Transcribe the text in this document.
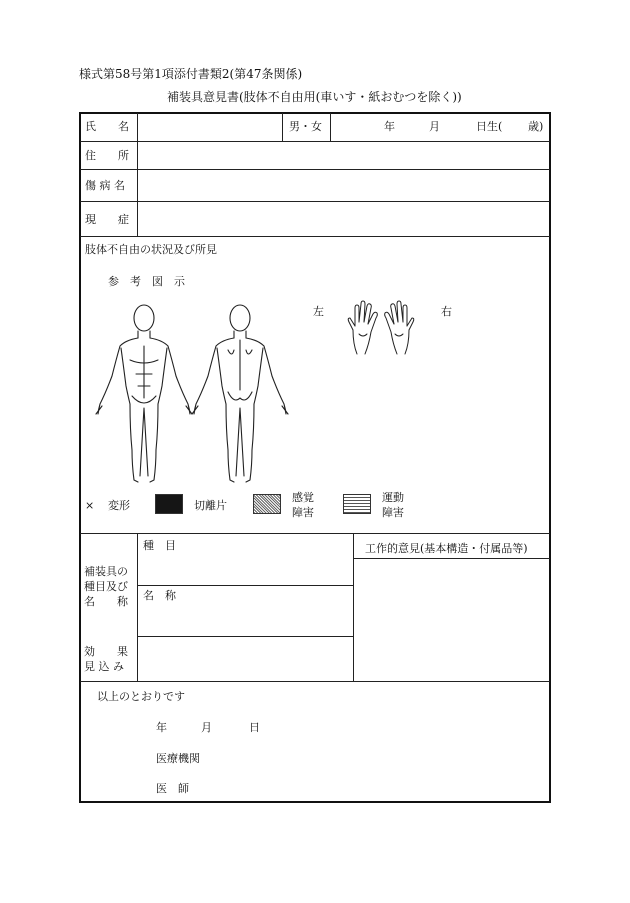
様式第58号第1項添付書類2(第47条関係)
補装具意見書(肢体不自由用(車いす・紙おむつを除く))
氏　　名	男・女	年	月	日生( 歳)
住　　所
傷 病 名
現　　症
肢体不自由の状況及び所見
参　考　図　示
左	右
× 変形	切離片
感覚
障害
運動
障害
補装具の
種目及び
名　　称
種　目
名　称
効　　果
見 込 み
工作的意見(基本構造・付属品等)
以上のとおりです
年	月	日
医療機関
医　師
